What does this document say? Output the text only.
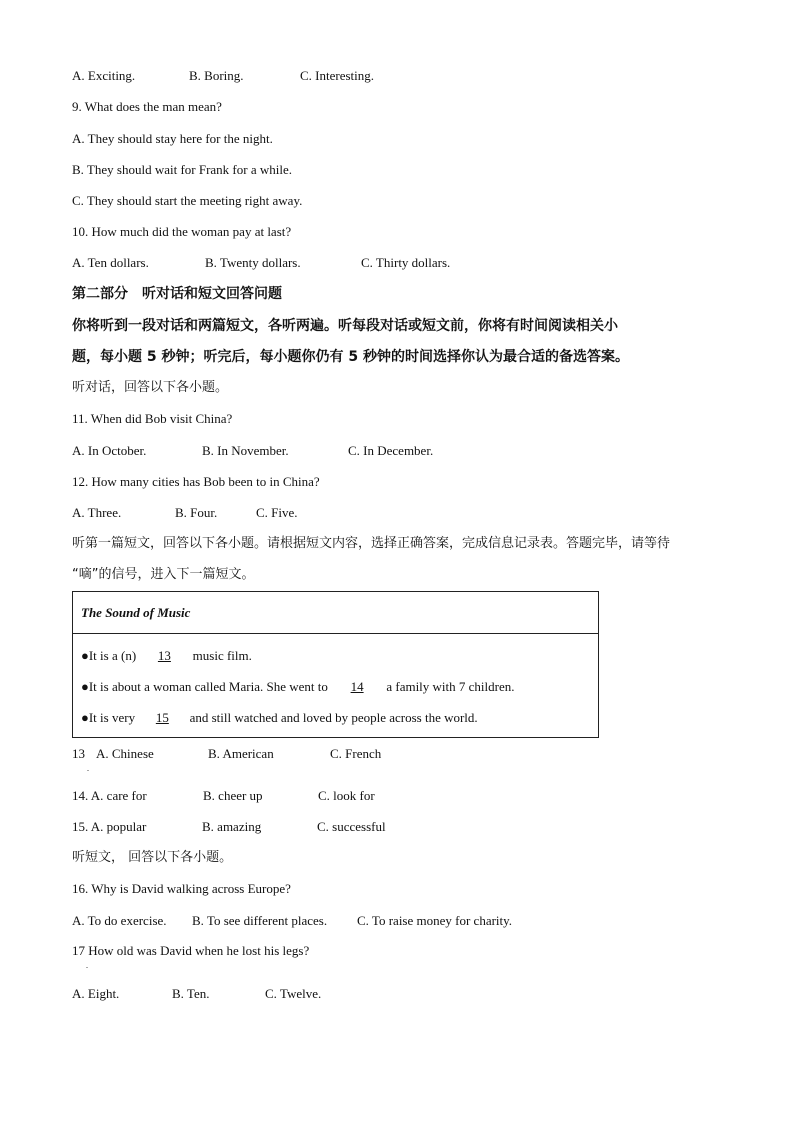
A. Exciting.	B. Boring.	C. Interesting.
9. What does the man mean?
A. They should stay here for the night.
B. They should wait for Frank for a while.
C. They should start the meeting right away.
10. How much did the woman pay at last?
A. Ten dollars.	B. Twenty dollars.	C. Thirty dollars.
第二部分　听对话和短文回答问题
你将听到一段对话和两篇短文，各听两遍。听每段对话或短文前，你将有时间阅读相关小
题，每小题 5 秒钟；听完后，每小题你仍有 5 秒钟的时间选择你认为最合适的备选答案。
听对话，回答以下各小题。
11. When did Bob visit China?
A. In October.	B. In November.	C. In December.
12. How many cities has Bob been to in China?
A. Three.	B. Four.	C. Five.
听第一篇短文，回答以下各小题。请根据短文内容，选择正确答案，完成信息记录表。答题完毕，请等待
“嘀”的信号，进入下一篇短文。
The Sound of Music
●It is a (n) 13 music film.
●It is about a woman called Maria. She went to 14 a family with 7 children.
●It is very 15 and still watched and loved by people across the world.
13
.
A. Chinese	B. American	C. French
14. A. care for	B. cheer up	C. look for
15. A. popular	B. amazing	C. successful
听短文， 回答以下各小题。
16. Why is David walking across Europe?
A. To do exercise. B. To see different places. C. To raise money for charity.
17 How old was David when he lost his legs?
.
A. Eight.	B. Ten.	C. Twelve.
